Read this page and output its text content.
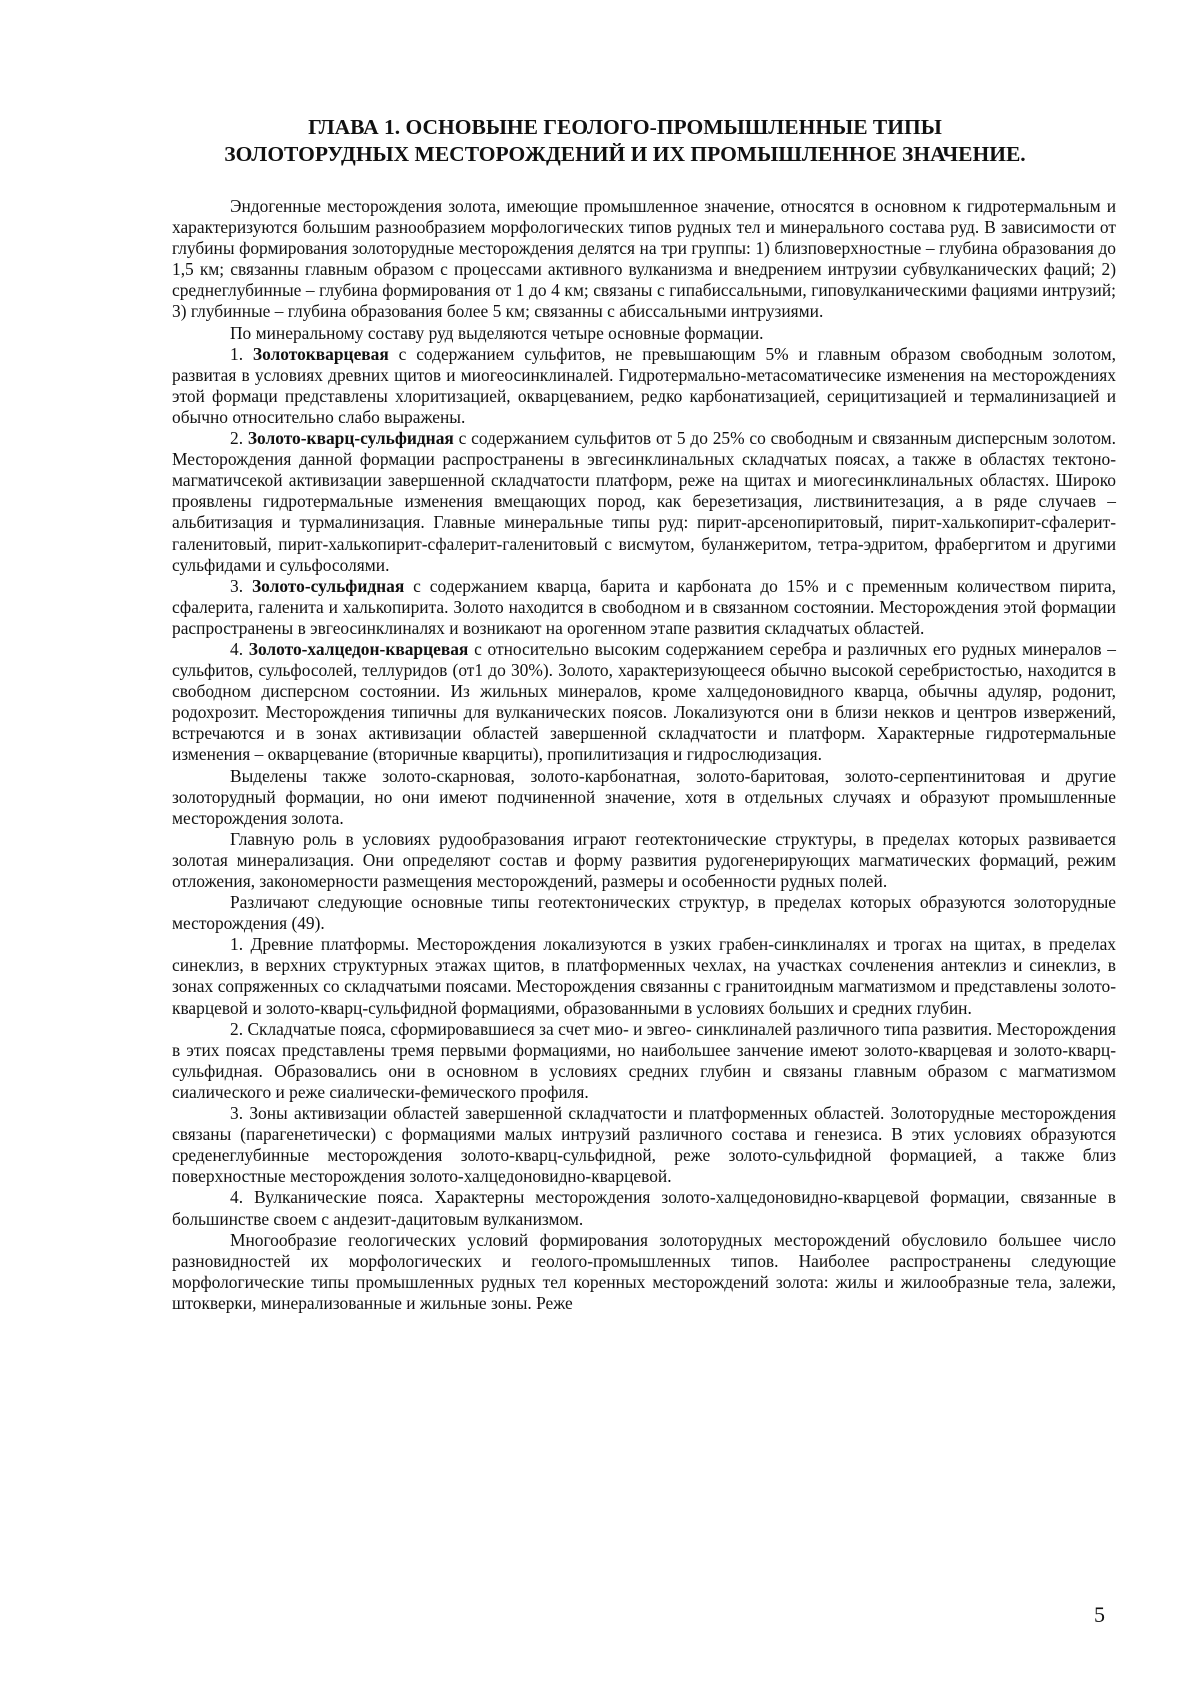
ГЛАВА 1. ОСНОВЫНЕ ГЕОЛОГО-ПРОМЫШЛЕННЫЕ ТИПЫ
ЗОЛОТОРУДНЫХ МЕСТОРОЖДЕНИЙ И ИХ ПРОМЫШЛЕННОЕ ЗНАЧЕНИЕ.

Эндогенные месторождения золота, имеющие промышленное значение, относятся в основном к гидротермальным и характеризуются большим разнообразием морфологических типов рудных тел и минерального состава руд. В зависимости от глубины формирования золоторудные месторождения делятся на три группы: 1) близповерхностные – глубина образования до 1,5 км; связанны главным образом с процессами активного вулканизма и внедрением интрузии субвулканических фаций; 2) среднеглубинные – глубина формирования от 1 до 4 км; связаны с гипабиссальными, гиповулканическими фациями интрузий; 3) глубинные – глубина образования более 5 км; связанны с абиссальными интрузиями.

По минеральному составу руд выделяются четыре основные формации.

1. Золотокварцевая с содержанием сульфитов, не превышающим 5% и главным образом свободным золотом, развитая в условиях древних щитов и миогеосинклиналей. Гидротермально-метасоматичесике изменения на месторождениях этой формаци представлены хлоритизацией, окварцеванием, редко карбонатизацией, серицитизацией и термалинизацией и обычно относительно слабо выражены.

2. Золото-кварц-сульфидная с содержанием сульфитов от 5 до 25% со свободным и связанным дисперсным золотом. Месторождения данной формации распространены в эвгесинклинальных складчатых поясах, а также в областях тектоно-магматичсекой активизации завершенной складчатости платформ, реже на щитах и миогесинклинальных областях. Широко проявлены гидротермальные изменения вмещающих пород, как березетизация, листвинитезация, а в ряде случаев – альбитизация и турмалинизация. Главные минеральные типы руд: пирит-арсенопиритовый, пирит-халькопирит-сфалерит-галенитовый, пирит-халькопирит-сфалерит-галенитовый с висмутом, буланжеритом, тетра-эдритом, фрабергитом и другими сульфидами и сульфосолями.

3. Золото-сульфидная с содержанием кварца, барита и карбоната до 15% и с пременным количеством пирита, сфалерита, галенита и халькопирита. Золото находится в свободном и в связанном состоянии. Месторождения этой формации распространены в эвгеосинклиналях и возникают на орогенном этапе развития складчатых областей.

4. Золото-халцедон-кварцевая с относительно высоким содержанием серебра и различных его рудных минералов – сульфитов, сульфосолей, теллуридов (от1 до 30%). Золото, характеризующееся обычно высокой серебристостью, находится в свободном дисперсном состоянии. Из жильных минералов, кроме халцедоновидного кварца, обычны адуляр, родонит, родохрозит. Месторождения типичны для вулканических поясов. Локализуются они в близи некков и центров извержений, встречаются и в зонах активизации областей завершенной складчатости и платформ. Характерные гидротермальные изменения – окварцевание (вторичные кварциты), пропилитизация и гидрослюдизация.

Выделены также золото-скарновая, золото-карбонатная, золото-баритовая, золото-серпентинитовая и другие золоторудный формации, но они имеют подчиненной значение, хотя в отдельных случаях и образуют промышленные месторождения золота.

Главную роль в условиях рудообразования играют геотектонические структуры, в пределах которых развивается золотая минерализация. Они определяют состав и форму развития рудогенерирующих магматических формаций, режим отложения, закономерности размещения месторождений, размеры и особенности рудных полей.

Различают следующие основные типы геотектонических структур, в пределах которых образуются золоторудные месторождения (49).

1. Древние платформы. Месторождения локализуются в узких грабен-синклиналях и трогах на щитах, в пределах синеклиз, в верхних структурных этажах щитов, в платформенных чехлах, на участках сочленения антеклиз и синеклиз, в зонах сопряженных со складчатыми поясами. Месторождения связанны с гранитоидным магматизмом и представлены золото-кварцевой и золото-кварц-сульфидной формациями, образованными в условиях больших и средних глубин.

2. Складчатые пояса, сформировавшиеся за счет мио- и эвгео- синклиналей различного типа развития. Месторождения в этих поясах представлены тремя первыми формациями, но наибольшее занчение имеют золото-кварцевая и золото-кварц-сульфидная. Образовались они в основном в условиях средних глубин и связаны главным образом с магматизмом сиалического и реже сиалически-фемического профиля.

3. Зоны активизации областей завершенной складчатости и платформенных областей. Золоторудные месторождения связаны (парагенетически) с формациями малых интрузий различного состава и генезиса. В этих условиях образуются среденеглубинные месторождения золото-кварц-сульфидной, реже золото-сульфидной формацией, а также близ поверхностные месторождения золото-халцедоновидно-кварцевой.

4. Вулканические пояса. Характерны месторождения золото-халцедоновидно-кварцевой формации, связанные в большинстве своем с андезит-дацитовым вулканизмом.

Многообразие геологических условий формирования золоторудных месторождений обусловило большее число разновидностей их морфологических и геолого-промышленных типов. Наиболее распространены следующие морфологические типы промышленных рудных тел коренных месторождений золота: жилы и жилообразные тела, залежи, штокверки, минерализованные и жильные зоны. Реже

5
